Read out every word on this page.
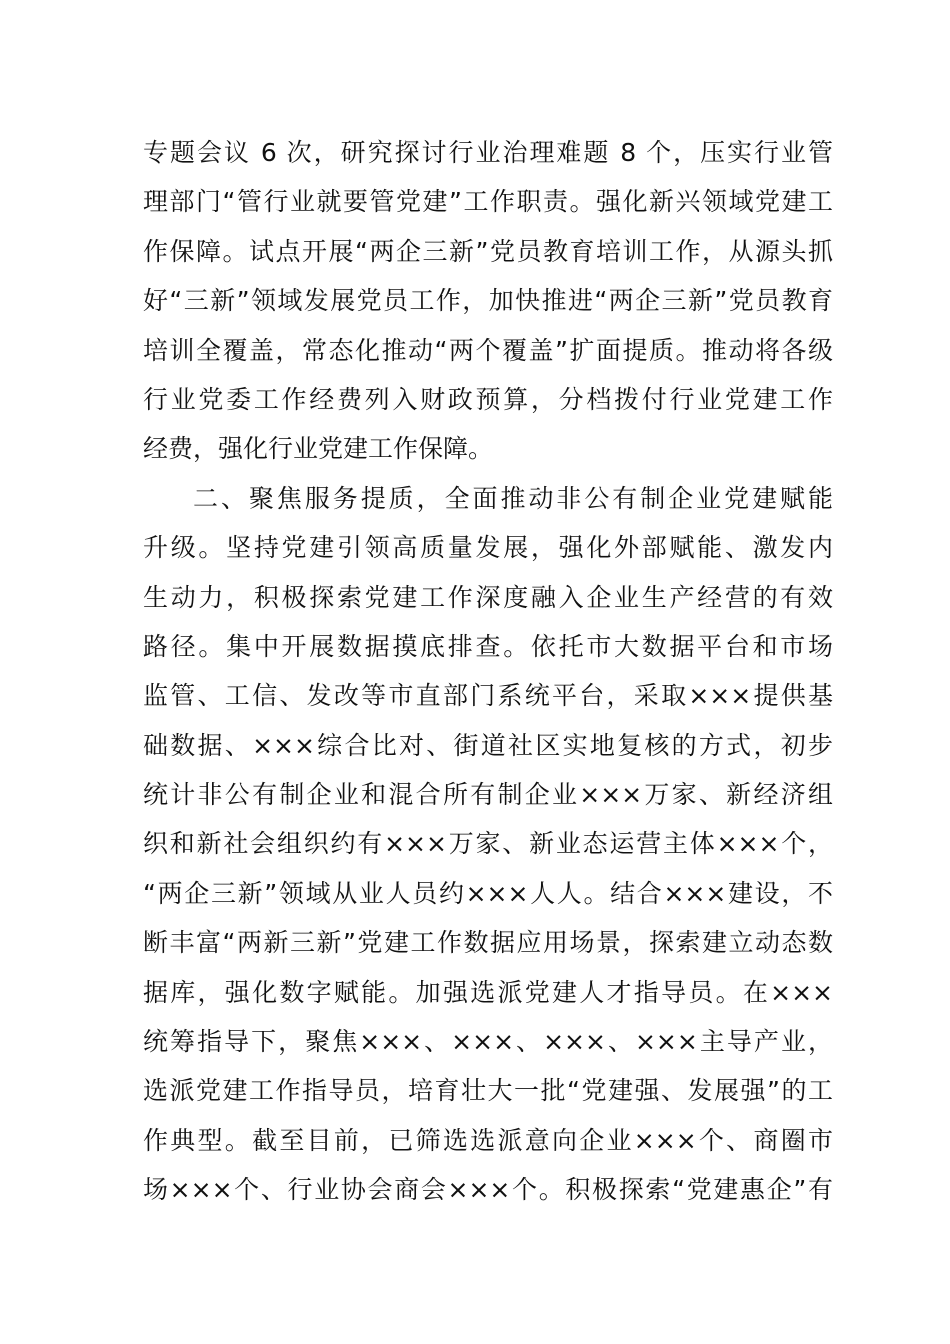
专题会议 6 次，研究探讨行业治理难题 8 个，压实行业管
理部门“管行业就要管党建”工作职责。强化新兴领域党建工
作保障。试点开展“两企三新”党员教育培训工作，从源头抓
好“三新”领域发展党员工作，加快推进“两企三新”党员教育
培训全覆盖，常态化推动“两个覆盖”扩面提质。推动将各级
行业党委工作经费列入财政预算，分档拨付行业党建工作
经费，强化行业党建工作保障。
二、聚焦服务提质，全面推动非公有制企业党建赋能
升级。坚持党建引领高质量发展，强化外部赋能、激发内
生动力，积极探索党建工作深度融入企业生产经营的有效
路径。集中开展数据摸底排查。依托市大数据平台和市场
监管、工信、发改等市直部门系统平台，采取×××提供基
础数据、×××综合比对、街道社区实地复核的方式，初步
统计非公有制企业和混合所有制企业×××万家、新经济组
织和新社会组织约有×××万家、新业态运营主体×××个，
“两企三新”领域从业人员约×××人人。结合×××建设，不
断丰富“两新三新”党建工作数据应用场景，探索建立动态数
据库，强化数字赋能。加强选派党建人才指导员。在×××
统筹指导下，聚焦×××、×××、×××、×××主导产业，
选派党建工作指导员，培育壮大一批“党建强、发展强”的工
作典型。截至目前，已筛选选派意向企业×××个、商圈市
场×××个、行业协会商会×××个。积极探索“党建惠企”有
